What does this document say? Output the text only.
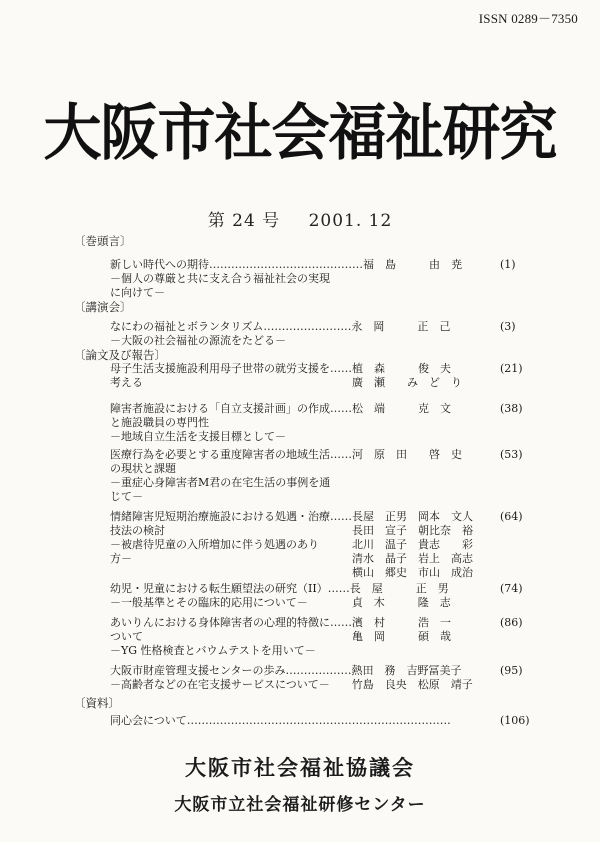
ISSN 0289－7350
大阪市社会福祉研究
第 24 号 2001. 12
〔巻頭言〕
新しい時代への期待……………………………………福　島　　　由　尭
－個人の尊厳と共に支え合う福祉社会の実現
に向けて－
(1)
〔講演会〕
なにわの福祉とボランタリズム……………………永　岡　　　正　己
－大阪の社会福祉の源流をたどる－
(3)
〔論文及び報告〕
母子生活支援施設利用母子世帯の就労支援を……植　森　　　俊　夫
考える　　　　　　　　　　　　　　　　　　　廣　瀬　　み　ど　り
(21)
障害者施設における「自立支援計画」の作成……松　端　　　克　文
と施設職員の専門性
－地域自立生活を支援目標として－
(38)
医療行為を必要とする重度障害者の地域生活……河　原　田　　啓　史
の現状と課題
－重症心身障害者M君の在宅生活の事例を通
じて－
(53)
情緒障害児短期治療施設における処遇・治療……長屋　正男　岡本　文人
技法の検討　　　　　　　　　　　　　　　　　長田　宣子　朝比奈　裕
－被虐待児童の入所増加に伴う処遇のあり　　　北川　温子　貴志　　彩
方－　　　　　　　　　　　　　　　　　　　　清水　晶子　岩上　高志
　　　　　　　　　　　　　　　　　　　　　　横山　郷史　市山　成治
(64)
幼児・児童における転生願望法の研究（II）……長　屋　　　正　男
－一般基準とその臨床的応用について－　　　　貞　木　　　隆　志
(74)
あいりんにおける身体障害者の心理的特徴に……濱　村　　　浩　一
ついて　　　　　　　　　　　　　　　　　　　亀　岡　　　碩　哉
－YG 性格検査とバウムテストを用いて－
(86)
大阪市財産管理支援センターの歩み………………熱田　務　吉野冨美子
－高齢者などの在宅支援サービスについて－　　竹島　良央　松原　靖子
(95)
〔資料〕
同心会について………………………………………………………………	(106)
大阪市社会福祉協議会
大阪市立社会福祉研修センター
